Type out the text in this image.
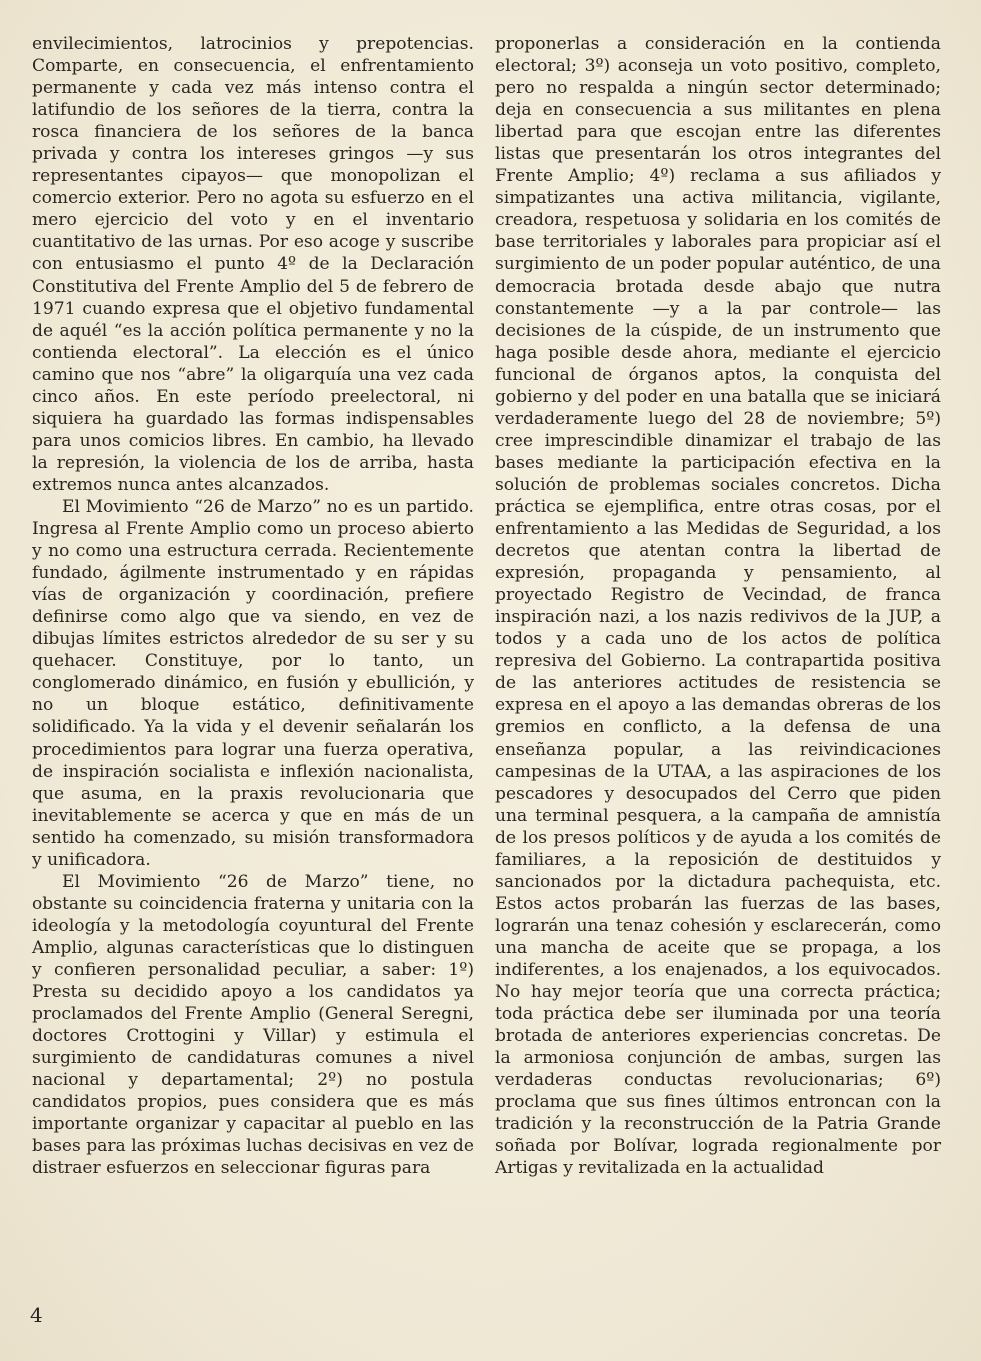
envilecimientos, latrocinios y prepotencias. Comparte, en consecuencia, el enfrentamiento permanente y cada vez más intenso contra el latifundio de los señores de la tierra, contra la rosca financiera de los señores de la banca privada y contra los intereses gringos —y sus representantes cipayos— que monopolizan el comercio exterior. Pero no agota su esfuerzo en el mero ejercicio del voto y en el inventario cuantitativo de las urnas. Por eso acoge y suscribe con entusiasmo el punto 4º de la Declaración Constitutiva del Frente Amplio del 5 de febrero de 1971 cuando expresa que el objetivo fundamental de aquél “es la acción política permanente y no la contienda electoral”. La elección es el único camino que nos “abre” la oligarquía una vez cada cinco años. En este período preelectoral, ni siquiera ha guardado las formas indispensables para unos comicios libres. En cambio, ha llevado la represión, la violencia de los de arriba, hasta extremos nunca antes alcanzados.

El Movimiento “26 de Marzo” no es un partido. Ingresa al Frente Amplio como un proceso abierto y no como una estructura cerrada. Recientemente fundado, ágilmente instrumentado y en rápidas vías de organización y coordinación, prefiere definirse como algo que va siendo, en vez de dibujas límites estrictos alrededor de su ser y su quehacer. Constituye, por lo tanto, un conglomerado dinámico, en fusión y ebullición, y no un bloque estático, definitivamente solidificado. Ya la vida y el devenir señalarán los procedimientos para lograr una fuerza operativa, de inspiración socialista e inflexión nacionalista, que asuma, en la praxis revolucionaria que inevitablemente se acerca y que en más de un sentido ha comenzado, su misión transformadora y unificadora.

El Movimiento “26 de Marzo” tiene, no obstante su coincidencia fraterna y unitaria con la ideología y la metodología coyuntural del Frente Amplio, algunas características que lo distinguen y confieren personalidad peculiar, a saber: 1º) Presta su decidido apoyo a los candidatos ya proclamados del Frente Amplio (General Seregni, doctores Crottogini y Villar) y estimula el surgimiento de candidaturas comunes a nivel nacional y departamental; 2º) no postula candidatos propios, pues considera que es más importante organizar y capacitar al pueblo en las bases para las próximas luchas decisivas en vez de distraer esfuerzos en seleccionar figuras para

proponerlas a consideración en la contienda electoral; 3º) aconseja un voto positivo, completo, pero no respalda a ningún sector determinado; deja en consecuencia a sus militantes en plena libertad para que escojan entre las diferentes listas que presentarán los otros integrantes del Frente Amplio; 4º) reclama a sus afiliados y simpatizantes una activa militancia, vigilante, creadora, respetuosa y solidaria en los comités de base territoriales y laborales para propiciar así el surgimiento de un poder popular auténtico, de una democracia brotada desde abajo que nutra constantemente —y a la par controle— las decisiones de la cúspide, de un instrumento que haga posible desde ahora, mediante el ejercicio funcional de órganos aptos, la conquista del gobierno y del poder en una batalla que se iniciará verdaderamente luego del 28 de noviembre; 5º) cree imprescindible dinamizar el trabajo de las bases mediante la participación efectiva en la solución de problemas sociales concretos. Dicha práctica se ejemplifica, entre otras cosas, por el enfrentamiento a las Medidas de Seguridad, a los decretos que atentan contra la libertad de expresión, propaganda y pensamiento, al proyectado Registro de Vecindad, de franca inspiración nazi, a los nazis redivivos de la JUP, a todos y a cada uno de los actos de política represiva del Gobierno. La contrapartida positiva de las anteriores actitudes de resistencia se expresa en el apoyo a las demandas obreras de los gremios en conflicto, a la defensa de una enseñanza popular, a las reivindicaciones campesinas de la UTAA, a las aspiraciones de los pescadores y desocupados del Cerro que piden una terminal pesquera, a la campaña de amnistía de los presos políticos y de ayuda a los comités de familiares, a la reposición de destituidos y sancionados por la dictadura pachequista, etc. Estos actos probarán las fuerzas de las bases, lograrán una tenaz cohesión y esclarecerán, como una mancha de aceite que se propaga, a los indiferentes, a los enajenados, a los equivocados. No hay mejor teoría que una correcta práctica; toda práctica debe ser iluminada por una teoría brotada de anteriores experiencias concretas. De la armoniosa conjunción de ambas, surgen las verdaderas conductas revolucionarias; 6º) proclama que sus fines últimos entroncan con la tradición y la reconstrucción de la Patria Grande soñada por Bolívar, lograda regionalmente por Artigas y revitalizada en la actualidad

4
